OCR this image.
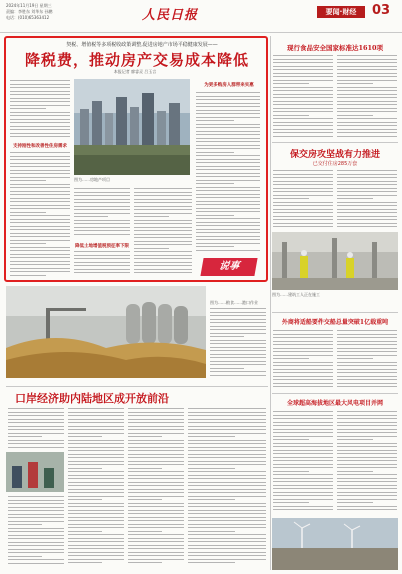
2024年11月19日 星期三
责编：李胜东 刘华东 孙鹏
电话：(010)65363412	人民日报	要闻·财经	03
契税、增值税等多项税收政策调整,促进房地产市场平稳健康发展——
降税费，推动房产交易成本降低
本报记者 廖睿灵 吕玉言
支持刚性和改善性住房需求
图为……房地产项目
为更多购房人群带来实惠
降低土地增值税预征率下限
说事
现行食品安全国家标准达1610项
保交房攻坚战有力推进
已交付住房285万套
图为……建筑工人正在施工
外商将适船要件交船总量突破1亿载重吨
全球超高海拔地区最大风电项目并网
图为……粮食……港口作业
口岸经济助内陆地区成开放前沿
